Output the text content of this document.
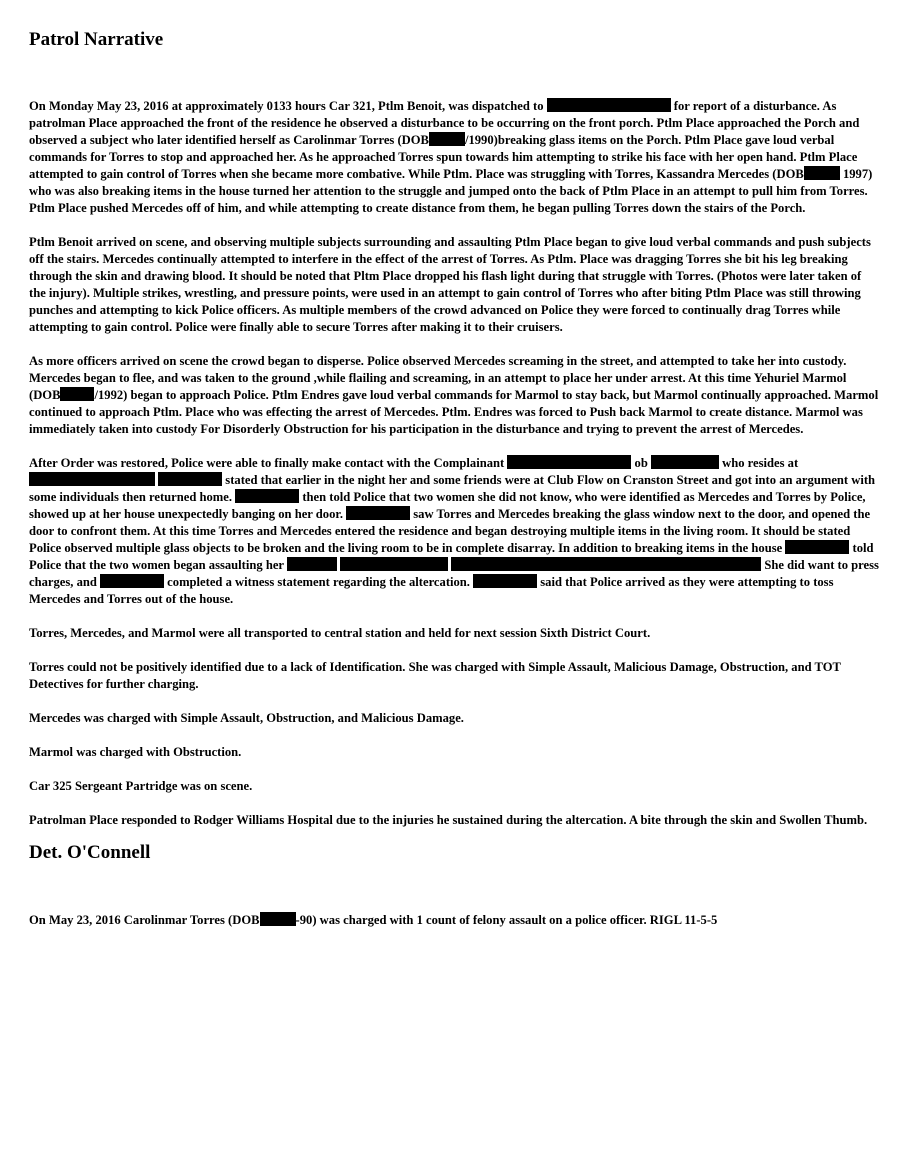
Patrol Narrative

On Monday May 23, 2016 at approximately 0133 hours Car 321, Ptlm Benoit, was dispatched to	for report of a disturbance. As patrolman Place approached the front of the residence he observed a disturbance to be occurring on the front porch. Ptlm Place approached the Porch and observed a subject who later identified herself as Carolinmar Torres (DOB	/1990)breaking glass items on the Porch. Ptlm Place gave loud verbal commands for Torres to stop and approached her. As he approached Torres spun towards him attempting to strike his face with her open hand. Ptlm Place attempted to gain control of Torres when she became more combative. While Ptlm. Place was struggling with Torres, Kassandra Mercedes (DOB	1997) who was also breaking items in the house turned her attention to the struggle and jumped onto the back of Ptlm Place in an attempt to pull him from Torres. Ptlm Place pushed Mercedes off of him, and while attempting to create distance from them, he began pulling Torres down the stairs of the Porch.

Ptlm Benoit arrived on scene, and observing multiple subjects surrounding and assaulting Ptlm Place began to give loud verbal commands and push subjects off the stairs. Mercedes continually attempted to interfere in the effect of the arrest of Torres. As Ptlm. Place was dragging Torres she bit his leg breaking through the skin and drawing blood. It should be noted that Pltm Place dropped his flash light during that struggle with Torres. (Photos were later taken of the injury). Multiple strikes, wrestling, and pressure points, were used in an attempt to gain control of Torres who after biting Ptlm Place was still throwing punches and attempting to kick Police officers. As multiple members of the crowd advanced on Police they were forced to continually drag Torres while attempting to gain control. Police were finally able to secure Torres after making it to their cruisers.

As more officers arrived on scene the crowd began to disperse. Police observed Mercedes screaming in the street, and attempted to take her into custody. Mercedes began to flee, and was taken to the ground ,while flailing and screaming, in an attempt to place her under arrest. At this time Yehuriel Marmol (DOB	/1992) began to approach Police. Ptlm Endres gave loud verbal commands for Marmol to stay back, but Marmol continually approached. Marmol continued to approach Ptlm. Place who was effecting the arrest of Mercedes. Ptlm. Endres was forced to Push back Marmol to create distance. Marmol was immediately taken into custody For Disorderly Obstruction for his participation in the disturbance and trying to prevent the arrest of Mercedes.

After Order was restored, Police were able to finally make contact with the Complainant	ob	who resides at   stated that earlier in the night her and some friends were at Club Flow on Cranston Street and got into an argument with some individuals then returned home.	then told Police that two women she did not know, who were identified as Mercedes and Torres by Police, showed up at her house unexpectedly banging on her door.	saw Torres and Mercedes breaking the glass window next to the door, and opened the door to confront them. At this time Torres and Mercedes entered the residence and began destroying multiple items in the living room. It should be stated Police observed multiple glass objects to be broken and the living room to be in complete disarray. In addition to breaking items in the house	told Police that the two women began assaulting her	She did want to press charges, and	completed a witness statement regarding the altercation.	said that Police arrived as they were attempting to toss Mercedes and Torres out of the house.

Torres, Mercedes, and Marmol were all transported to central station and held for next session Sixth District Court.

Torres could not be positively identified due to a lack of Identification. She was charged with Simple Assault, Malicious Damage, Obstruction, and TOT Detectives for further charging.

Mercedes was charged with Simple Assault, Obstruction, and Malicious Damage.

Marmol was charged with Obstruction.

Car 325 Sergeant Partridge was on scene.

Patrolman Place responded to Rodger Williams Hospital due to the injuries he sustained during the altercation. A bite through the skin and Swollen Thumb.

Det. O'Connell

On May 23, 2016 Carolinmar Torres (DOB	-90) was charged with 1 count of felony assault on a police officer. RIGL 11-5-5
